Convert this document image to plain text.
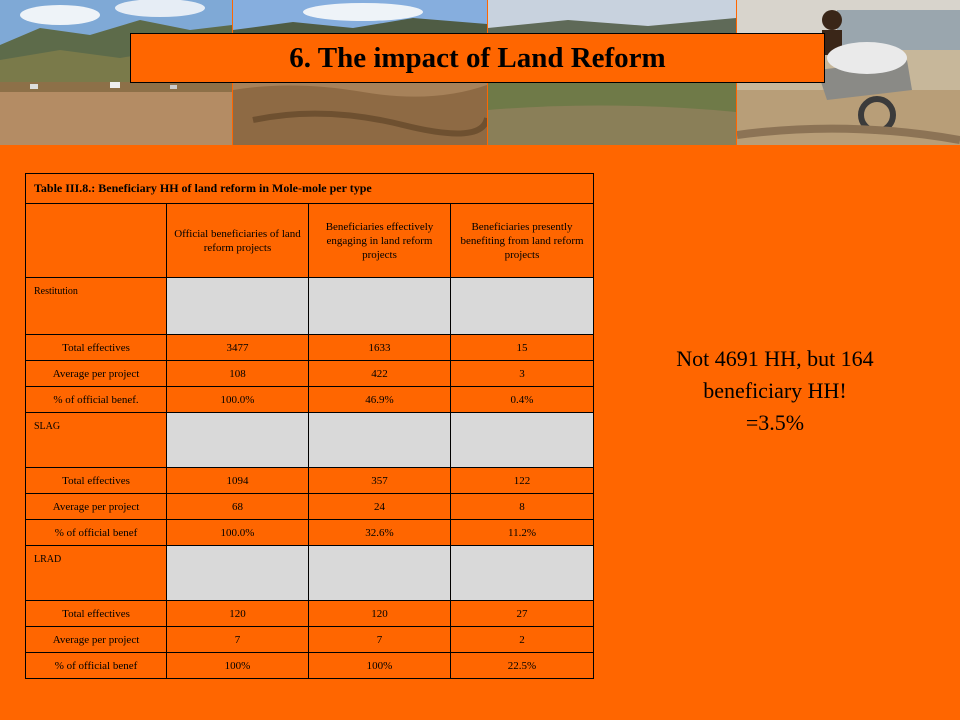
6. The impact of Land Reform
Table III.8.: Beneficiary HH of land reform in Mole-mole per type			
	Official beneficiaries of land reform projects	Beneficiaries effectively engaging in land reform projects	Beneficiaries presently benefiting from land reform projects
Restitution			
Total effectives	3477	1633	15
Average per project	108	422	3
% of official benef.	100.0%	46.9%	0.4%
SLAG			
Total effectives	1094	357	122
Average per project	68	24	8
% of official benef	100.0%	32.6%	11.2%
LRAD			
Total effectives	120	120	27
Average per project	7	7	2
% of official benef	100%	100%	22.5%
Not 4691 HH, but 164
beneficiary HH!
=3.5%
